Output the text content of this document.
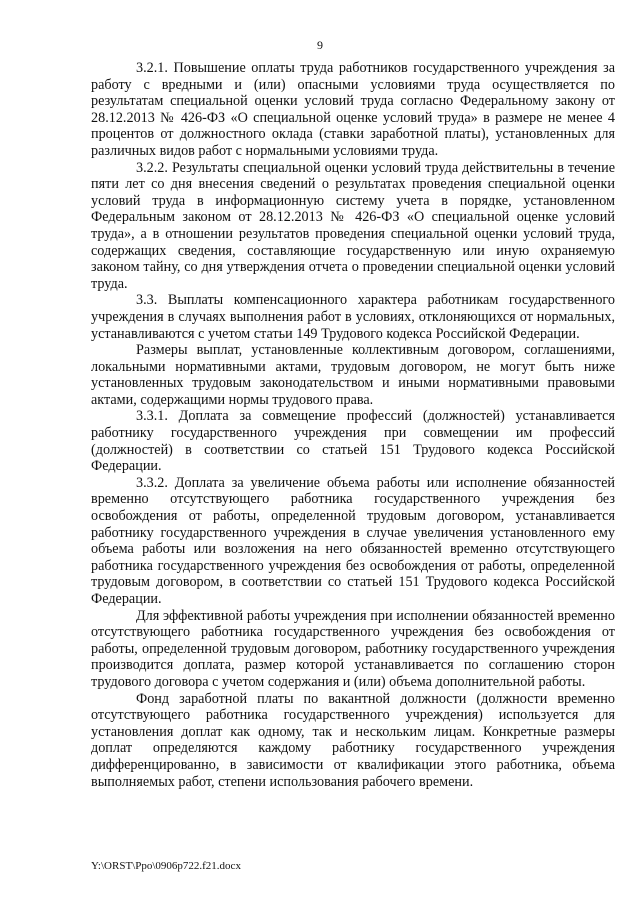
9

3.2.1. Повышение оплаты труда работников государственного учреждения за работу с вредными и (или) опасными условиями труда осуществляется по результатам специальной оценки условий труда согласно Федеральному закону от 28.12.2013 № 426-ФЗ «О специальной оценке условий труда» в размере не менее 4 процентов от должностного оклада (ставки заработной платы), установленных для различных видов работ с нормальными условиями труда.

3.2.2. Результаты специальной оценки условий труда действительны в течение пяти лет со дня внесения сведений о результатах проведения специальной оценки условий труда в информационную систему учета в порядке, установленном Федеральным законом от 28.12.2013 № 426-ФЗ «О специальной оценке условий труда», а в отношении результатов проведения специальной оценки условий труда, содержащих сведения, составляющие государственную или иную охраняемую законом тайну, со дня утверждения отчета о проведении специальной оценки условий труда.

3.3. Выплаты компенсационного характера работникам государственного учреждения в случаях выполнения работ в условиях, отклоняющихся от нормальных, устанавливаются с учетом статьи 149 Трудового кодекса Российской Федерации.

Размеры выплат, установленные коллективным договором, соглашениями, локальными нормативными актами, трудовым договором, не могут быть ниже установленных трудовым законодательством и иными нормативными правовыми актами, содержащими нормы трудового права.

3.3.1. Доплата за совмещение профессий (должностей) устанавливается работнику государственного учреждения при совмещении им профессий (должностей) в соответствии со статьей 151 Трудового кодекса Российской Федерации.

3.3.2. Доплата за увеличение объема работы или исполнение обязанностей временно отсутствующего работника государственного учреждения без освобождения от работы, определенной трудовым договором, устанавливается работнику государственного учреждения в случае увеличения установленного ему объема работы или возложения на него обязанностей временно отсутствующего работника государственного учреждения без освобождения от работы, определенной трудовым договором, в соответствии со статьей 151 Трудового кодекса Российской Федерации.

Для эффективной работы учреждения при исполнении обязанностей временно отсутствующего работника государственного учреждения без освобождения от работы, определенной трудовым договором, работнику государственного учреждения производится доплата, размер которой устанавливается по соглашению сторон трудового договора с учетом содержания и (или) объема дополнительной работы.

Фонд заработной платы по вакантной должности (должности временно отсутствующего работника государственного учреждения) используется для установления доплат как одному, так и нескольким лицам. Конкретные размеры доплат определяются каждому работнику государственного учреждения дифференцированно, в зависимости от квалификации этого работника, объема выполняемых работ, степени использования рабочего времени.

Y:\ORST\Ppo\0906p722.f21.docx
